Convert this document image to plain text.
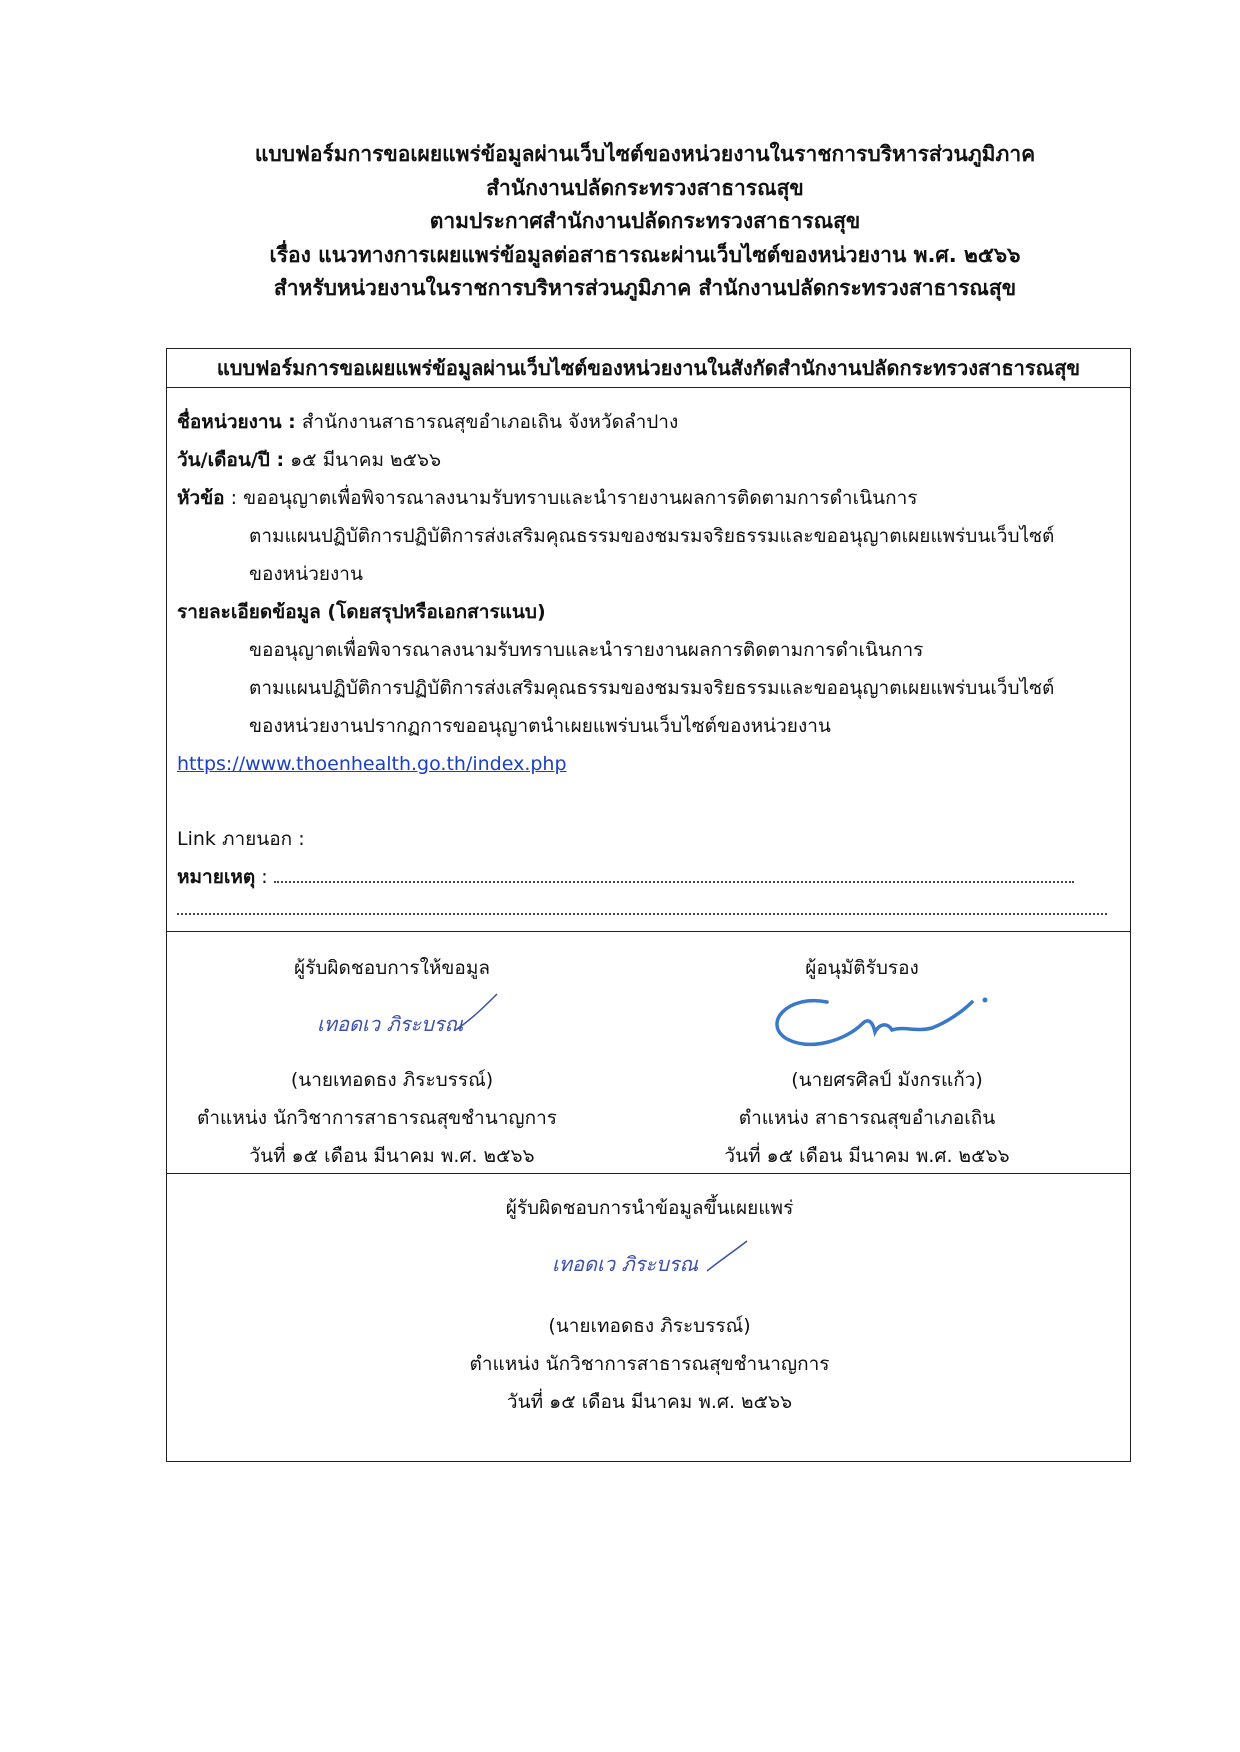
แบบฟอร์มการขอเผยแพร่ข้อมูลผ่านเว็บไซต์ของหน่วยงานในราชการบริหารส่วนภูมิภาค
สำนักงานปลัดกระทรวงสาธารณสุข
ตามประกาศสำนักงานปลัดกระทรวงสาธารณสุข
เรื่อง แนวทางการเผยแพร่ข้อมูลต่อสาธารณะผ่านเว็บไซต์ของหน่วยงาน พ.ศ. ๒๕๖๖
สำหรับหน่วยงานในราชการบริหารส่วนภูมิภาค สำนักงานปลัดกระทรวงสาธารณสุข
แบบฟอร์มการขอเผยแพร่ข้อมูลผ่านเว็บไซต์ของหน่วยงานในสังกัดสำนักงานปลัดกระทรวงสาธารณสุข
ชื่อหน่วยงาน : สำนักงานสาธารณสุขอำเภอเถิน จังหวัดลำปาง
วัน/เดือน/ปี : ๑๕ มีนาคม ๒๕๖๖
หัวข้อ : ขออนุญาตเพื่อพิจารณาลงนามรับทราบและนำรายงานผลการติดตามการดำเนินการ
ตามแผนปฏิบัติการปฏิบัติการส่งเสริมคุณธรรมของชมรมจริยธรรมและขออนุญาตเผยแพร่บนเว็บไซต์
ของหน่วยงาน
รายละเอียดข้อมูล (โดยสรุปหรือเอกสารแนบ)
ขออนุญาตเพื่อพิจารณาลงนามรับทราบและนำรายงานผลการติดตามการดำเนินการ
ตามแผนปฏิบัติการปฏิบัติการส่งเสริมคุณธรรมของชมรมจริยธรรมและขออนุญาตเผยแพร่บนเว็บไซต์
ของหน่วยงานปรากฏการขออนุญาตนำเผยแพร่บนเว็บไซต์ของหน่วยงาน
https://www.thoenhealth.go.th/index.php
Link ภายนอก :
หมายเหตุ :
ผู้รับผิดชอบการให้ขอมูล
เทอดเว ภิระบรณ
(นายเทอดธง ภิระบรรณ์)
ตำแหน่ง นักวิชาการสาธารณสุขชำนาญการ
วันที่ ๑๕ เดือน มีนาคม พ.ศ. ๒๕๖๖
ผู้อนุมัติรับรอง
(นายศรศิลป์ มังกรแก้ว)
ตำแหน่ง สาธารณสุขอำเภอเถิน
วันที่ ๑๕ เดือน มีนาคม พ.ศ. ๒๕๖๖
ผู้รับผิดชอบการนำข้อมูลขึ้นเผยแพร่
เทอดเว ภิระบรณ
(นายเทอดธง ภิระบรรณ์)
ตำแหน่ง นักวิชาการสาธารณสุขชำนาญการ
วันที่ ๑๕ เดือน มีนาคม พ.ศ. ๒๕๖๖
